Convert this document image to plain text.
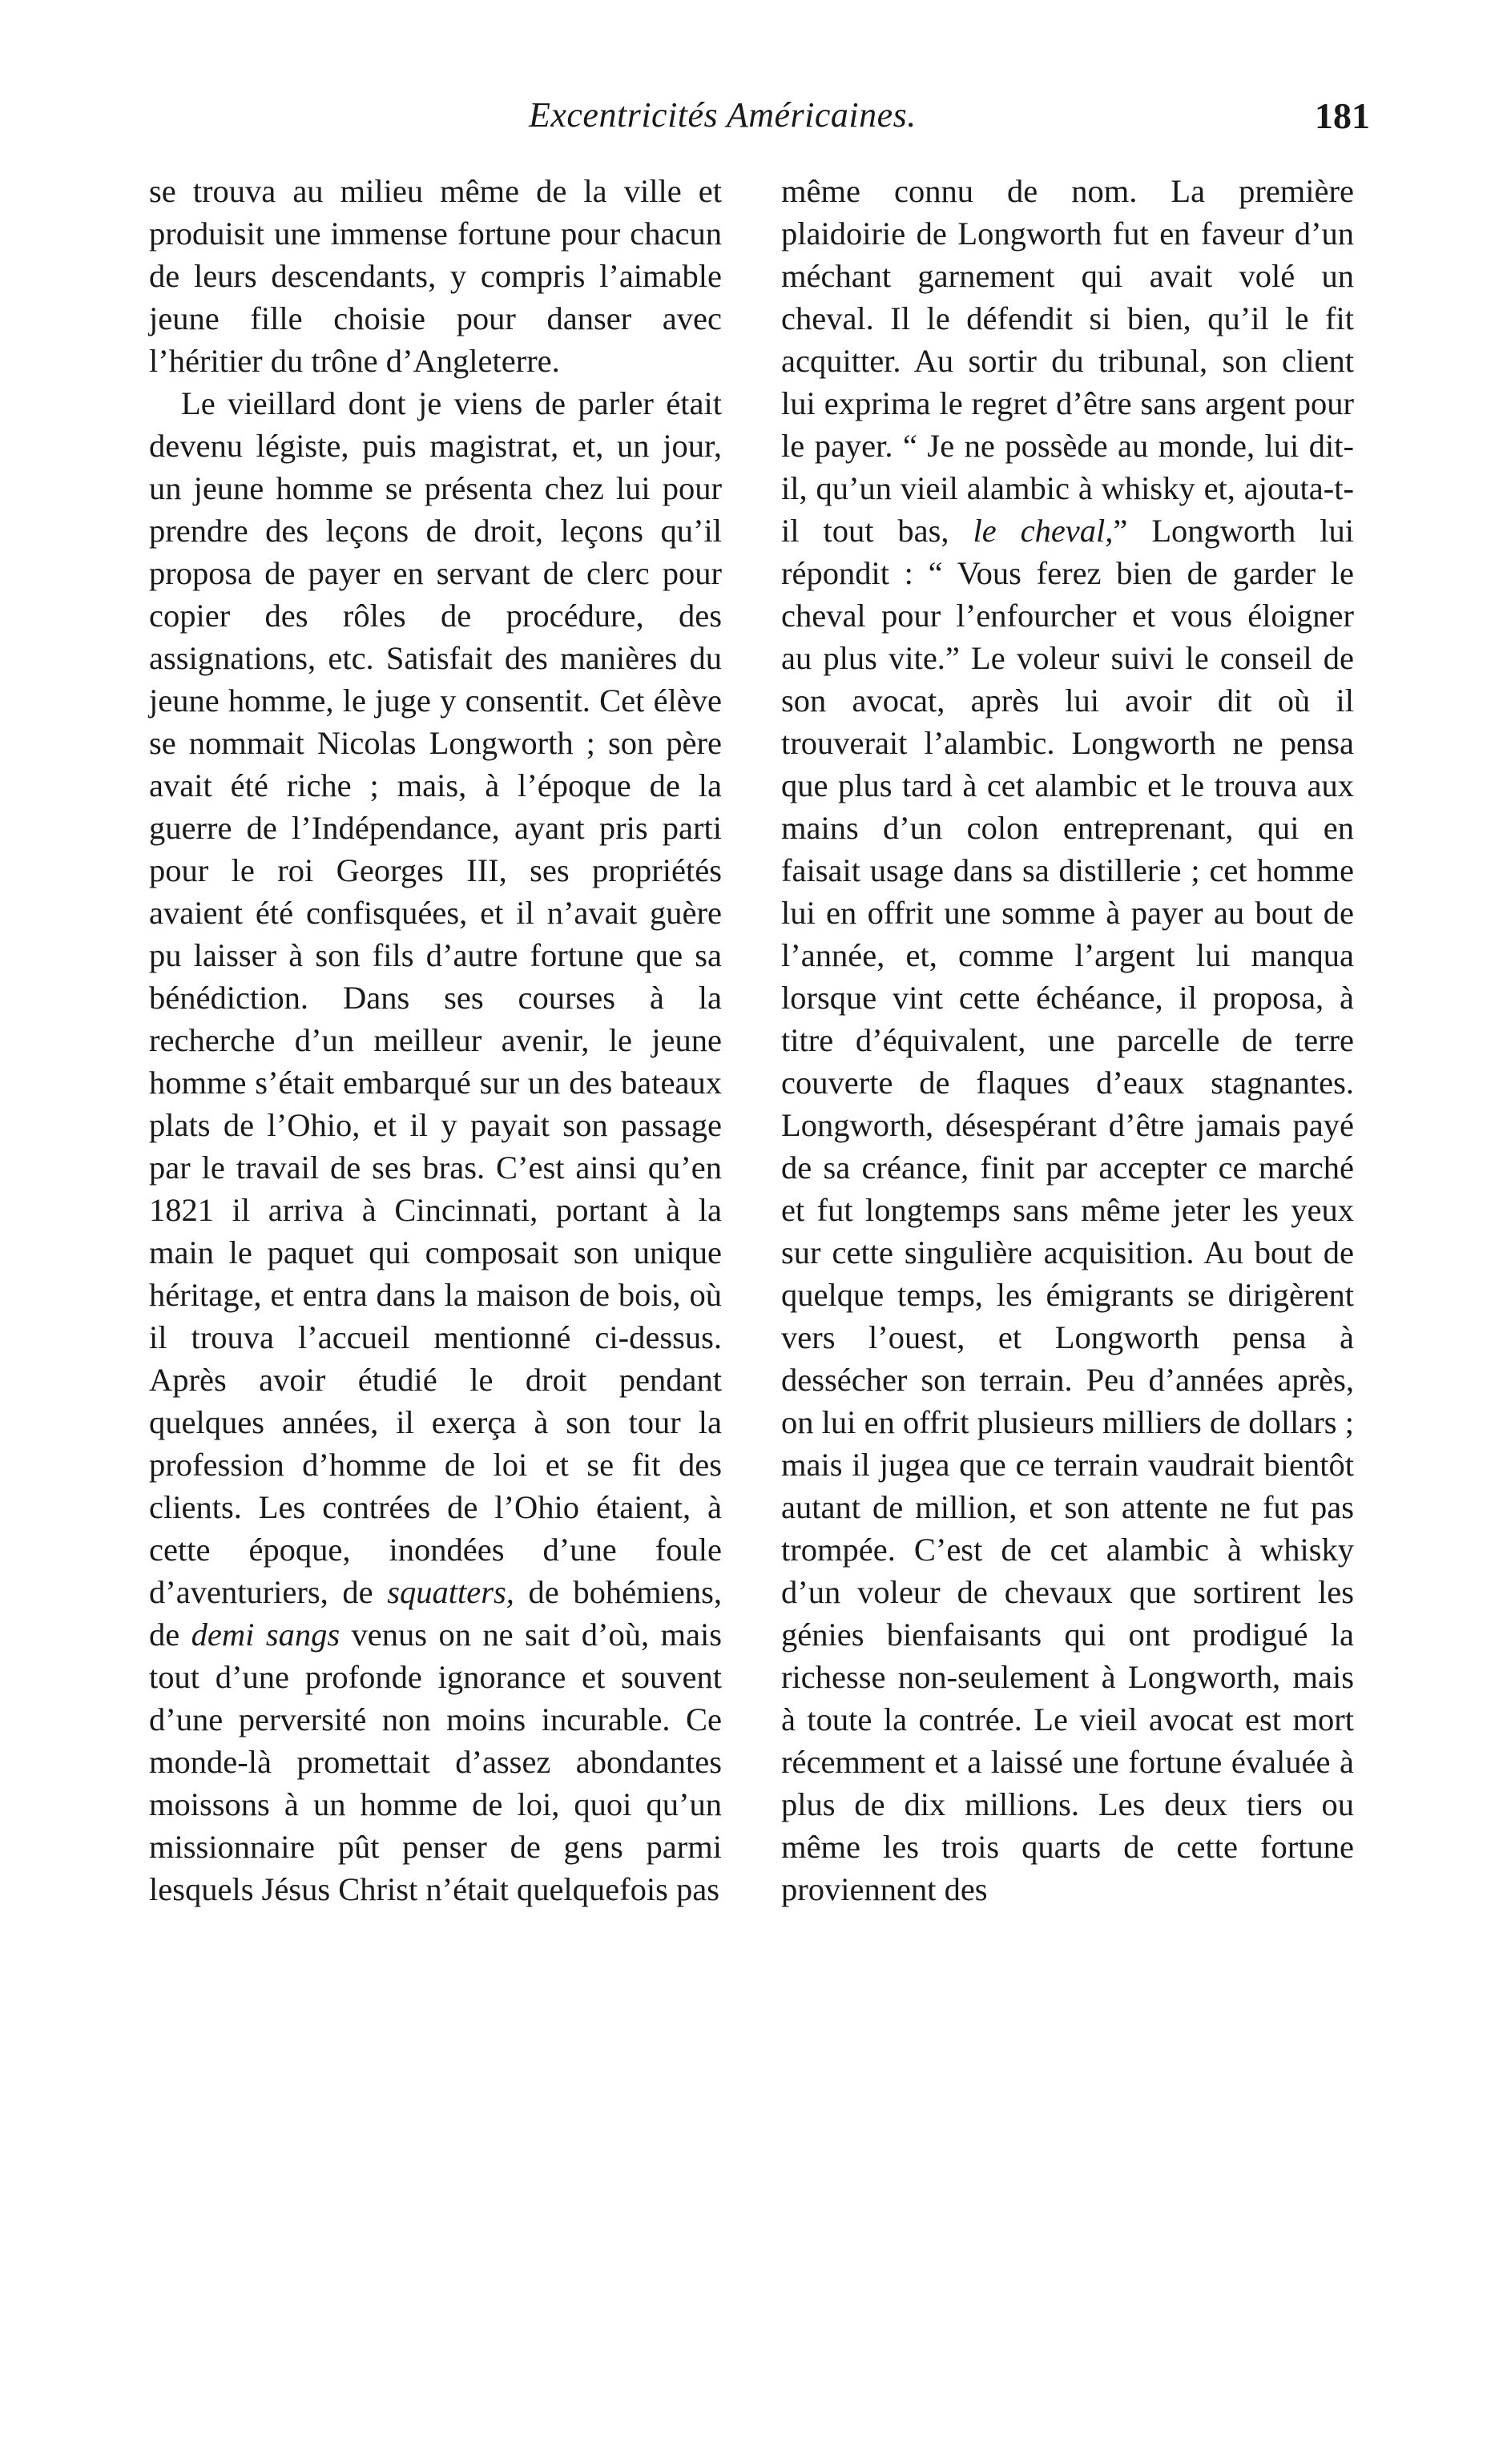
Excentricités Américaines.	181

se trouva au milieu même de la ville et produisit une immense fortune pour chacun de leurs descendants, y compris l’aimable jeune fille choisie pour danser avec l’héritier du trône d’Angleterre.

Le vieillard dont je viens de parler était devenu légiste, puis magistrat, et, un jour, un jeune homme se présenta chez lui pour prendre des leçons de droit, leçons qu’il proposa de payer en servant de clerc pour copier des rôles de procédure, des assignations, etc. Satisfait des manières du jeune homme, le juge y consentit. Cet élève se nommait Nicolas Longworth ; son père avait été riche ; mais, à l’époque de la guerre de l’Indépendance, ayant pris parti pour le roi Georges III, ses propriétés avaient été confisquées, et il n’avait guère pu laisser à son fils d’autre fortune que sa bénédiction. Dans ses courses à la recherche d’un meilleur avenir, le jeune homme s’était embarqué sur un des bateaux plats de l’Ohio, et il y payait son passage par le travail de ses bras. C’est ainsi qu’en 1821 il arriva à Cincinnati, portant à la main le paquet qui composait son unique héritage, et entra dans la maison de bois, où il trouva l’accueil mentionné ci-dessus. Après avoir étudié le droit pendant quelques années, il exerça à son tour la profession d’homme de loi et se fit des clients. Les contrées de l’Ohio étaient, à cette époque, inondées d’une foule d’aventuriers, de squatters, de bohémiens, de demi sangs venus on ne sait d’où, mais tout d’une profonde ignorance et souvent d’une perversité non moins incurable. Ce monde-là promettait d’assez abondantes moissons à un homme de loi, quoi qu’un missionnaire pût penser de gens parmi lesquels Jésus Christ n’était quelquefois pas

même connu de nom. La première plaidoirie de Longworth fut en faveur d’un méchant garnement qui avait volé un cheval. Il le défendit si bien, qu’il le fit acquitter. Au sortir du tribunal, son client lui exprima le regret d’être sans argent pour le payer. “ Je ne possède au monde, lui dit-il, qu’un vieil alambic à whisky et, ajouta-t-il tout bas, le cheval,” Longworth lui répondit : “ Vous ferez bien de garder le cheval pour l’enfourcher et vous éloigner au plus vite.” Le voleur suivi le conseil de son avocat, après lui avoir dit où il trouverait l’alambic. Longworth ne pensa que plus tard à cet alambic et le trouva aux mains d’un colon entreprenant, qui en faisait usage dans sa distillerie ; cet homme lui en offrit une somme à payer au bout de l’année, et, comme l’argent lui manqua lorsque vint cette échéance, il proposa, à titre d’équivalent, une parcelle de terre couverte de flaques d’eaux stagnantes. Longworth, désespérant d’être jamais payé de sa créance, finit par accepter ce marché et fut longtemps sans même jeter les yeux sur cette singulière acquisition. Au bout de quelque temps, les émigrants se dirigèrent vers l’ouest, et Longworth pensa à dessécher son terrain. Peu d’années après, on lui en offrit plusieurs milliers de dollars ; mais il jugea que ce terrain vaudrait bientôt autant de million, et son attente ne fut pas trompée. C’est de cet alambic à whisky d’un voleur de chevaux que sortirent les génies bienfaisants qui ont prodigué la richesse non-seulement à Longworth, mais à toute la contrée. Le vieil avocat est mort récemment et a laissé une fortune évaluée à plus de dix millions. Les deux tiers ou même les trois quarts de cette fortune proviennent des
